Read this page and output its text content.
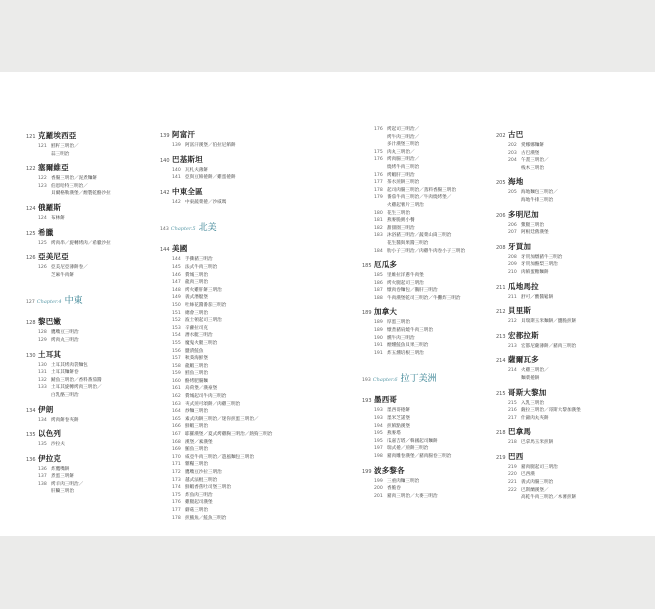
121 克羅埃西亞
121 鱈籽三明治／
蒜三明治
122 塞爾維亞
122 香腸三明治／泥煮麵餅
123 伯恩哈特三明治／
貝爾格勒漢堡／煙製乾酪沙拉
124 俄羅斯
124 布林餅
125 希臘
125 烤肉串／旋轉烤肉／希臘沙拉
126 亞美尼亞
126 亞美尼亞薄餅卷／
芝麻牛肉餅
127 Chapter.4 中東
128 黎巴嫩
128 鷹嘴豆三明治
129 烤肉丸三明治
130 土耳其
130 土耳其烤肉袋麵包
131 土耳其麵餅卷
132 鯖魚三明治／香料番茄醬
133 土耳其旋轉烤肉三明治／
白乳酪三明治
134 伊朗
134 烤肉餅卷夾餅
135 以色列
135 沙拉夫
136 伊拉克
136 炸鷹嘴餅
137 煮蛋三明餅
138 烤羊肉三明治／
肝臟三明治
139 阿富汗
139 阿富汗漢堡／伯拉尼餡餅
140 巴基斯坦
140 瓦札夫薄餅
141 亞與豆餡捲餅／雞蛋捲餅
142 中東全區
142 中東蔬菜捲／沙威瑪
143 Chapter.5 北美
144 美國
144 手撕豬三明治
145 法式牛肉三明治
146 費城三明治
147 龍肉三明治
148 烤火雞肝餅三明治
149 義式潛艇堡
150 吐絲花醬番茄三明治
151 總會三明治
152 波士頓起司三明治
153 辛蘿拉司克
154 潛水艇三明治
155 魔鬼火腿三明治
156 鹽漬鮭魚
157 秋葵海鮮堡
158 龍蝦三明治
159 鱈魚三明治
160 酪烤肥腸麵
161 烏荷堡／漢豪堡
162 費城起司牛肉三明治
163 夾式煎可頌餅／肉雞三明治
164 炒麵三明治
165 素式肉餅三明治／迷你煎蛋三明治／
166 鮮蝦三明治
167 耶羅漢堡／夏式烤雞胸三明治／熱狗三明治
168 漢堡／素漢堡
169 鮪魚三明治
170 威亞牛肉三明治／遊風麵包三明治
171 雜糧三明治
172 鷹嘴豆沙拉三明治
173 越式法棍三明治
174 鮮蝦香蕉吐司堡三明治
175 炸魚肉三明治
176 雞腿起司漢堡
177 蘑菇三明治
178 煎鮪魚／鮭魚三明治
176 烤起司三明治／
烤牛肉三明治／
多汁漢堡三明治
175 肉丸三明治／
176 烤肉腸三明治／
燒烤牛肉三明治
176 烤蝦肝三明治
177 茶水煎餅三明治
178 起司肉腸三明治／蒸料香腸三明治
179 番茄牛肉三明治／牛肉燒烤堡／
火雞起薯片三明治
180 花生三明治
181 燕麥脆粥小餐
182 甜甜圈三明治
183 沐浴豬三明治／蔬菜山崗三明治
花生醬與果醬三明治
184 肋小子三明治／肉雞牛肉卷小子三明治
185 厄瓜多
185 里維拉洋蔥牛肉堡
186 烤火腿起司三明治
187 燉肉卷麵包／鵝肝三明治
188 牛肉漢堡乾司三明治／牛攤炸三明治
189 加拿大
189 厚蛋三明治
189 燉煮豬肩燒牛肉三明治
190 燻牛肉三明治
191 煙燻鮭魚貝果三明治
191 炸五燻培根三明治
193 Chapter.6 拉丁美洲
193 墨西哥
193 墨西哥捲餅
193 墨米芝諾堡
194 煎餡點漢堡
195 燕麥塔
195 瓜嘉吉塔／韓國起司麵餅
197 瑞式捲／煎餅三明治
198 豬肉雕卷漢堡／豬肉腸卷三明治
199 波多黎各
199 三重肉麵三明治
200 香脆卷
201 豬肉三明治／大麥三明治
202 古巴
202 愛娜娜麵餅
203 古巴漢堡
204 午晝三明治／
栈木三明治
205 海地
205 海地麵包三明治／
海地牛排三明治
206 多明尼加
206 鱉腿三明治
207 阿根廷舊漢堡
208 牙買加
208 牙買加燉豬牛三明治
209 牙買加酪梨三明治
210 肉餡蛋糖麵餅
211 瓜地馬拉
211 舒可／酸醬鬆餅
212 貝里斯
212 貝瑞斯玉米麵餅／鹽脆煎餅
213 宏都拉斯
213 宏都尼薩薄餅／豬肉三明治
214 薩爾瓦多
214 火雞三明治／
麵菜捲餅
215 哥斯大黎加
215 入乳三明治
216 薩拉三明治／哥斯大黎加漢堡
217 什錦肉丸夾餅
218 巴拿馬
218 巴拿馬玉米煎餅
219 巴西
219 豬肉腿起司三明治
220 巴西漢
221 義式肉腸三明治
222 巴斯蘭漢堡／
高乾牛肉三明治／木薯煎餅
